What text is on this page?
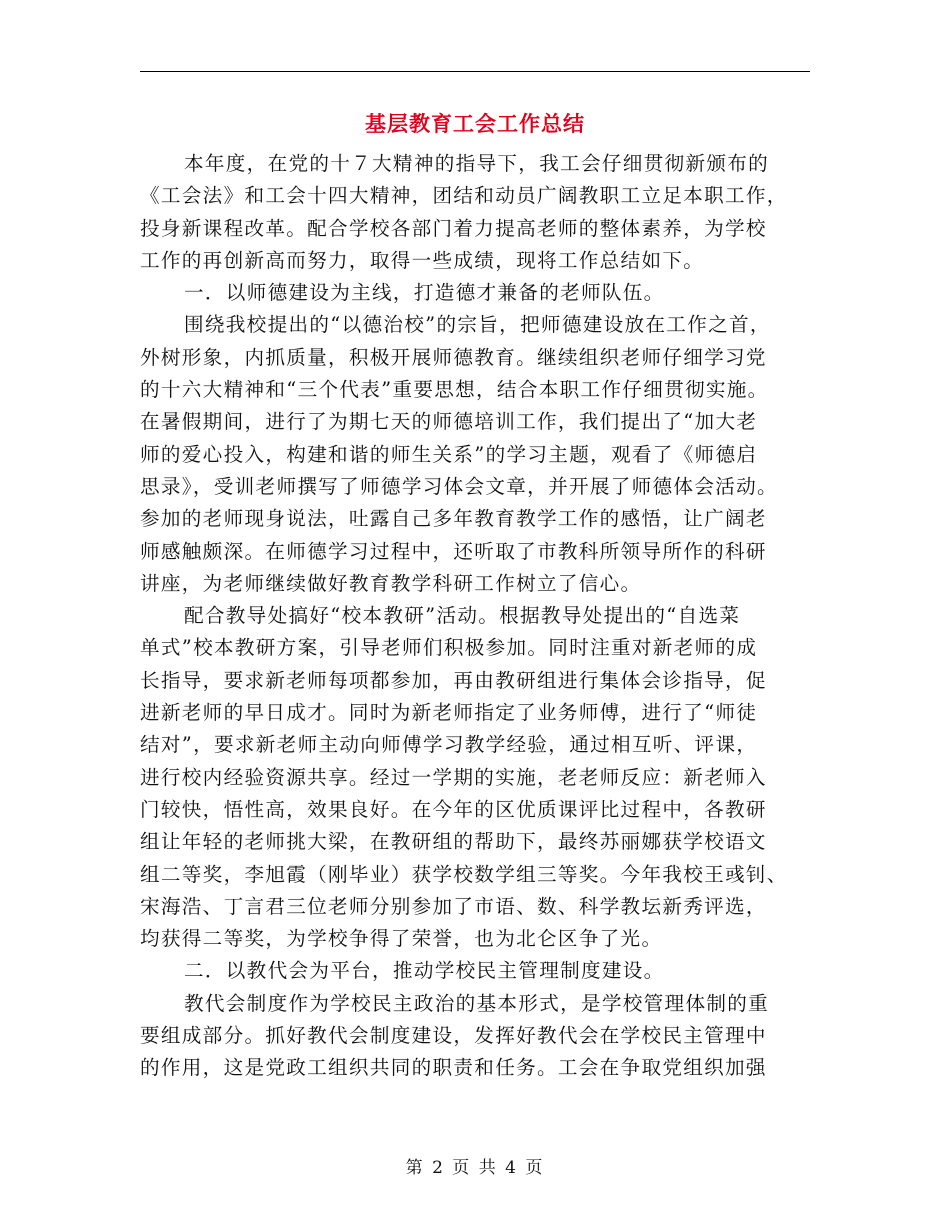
基层教育工会工作总结
本年度，在党的十７大精神的指导下，我工会仔细贯彻新颁布的
《工会法》和工会十四大精神，团结和动员广阔教职工立足本职工作，
投身新课程改革。配合学校各部门着力提高老师的整体素养，为学校
工作的再创新高而努力，取得一些成绩，现将工作总结如下。
一．以师德建设为主线，打造德才兼备的老师队伍。
围绕我校提出的“以德治校”的宗旨，把师德建设放在工作之首，
外树形象，内抓质量，积极开展师德教育。继续组织老师仔细学习党
的十六大精神和“三个代表”重要思想，结合本职工作仔细贯彻实施。
在暑假期间，进行了为期七天的师德培训工作，我们提出了“加大老
师的爱心投入，构建和谐的师生关系”的学习主题，观看了《师德启
思录》，受训老师撰写了师德学习体会文章，并开展了师德体会活动。
参加的老师现身说法，吐露自己多年教育教学工作的感悟，让广阔老
师感触颇深。在师德学习过程中，还听取了市教科所领导所作的科研
讲座，为老师继续做好教育教学科研工作树立了信心。
配合教导处搞好“校本教研”活动。根据教导处提出的“自选菜
单式”校本教研方案，引导老师们积极参加。同时注重对新老师的成
长指导，要求新老师每项都参加，再由教研组进行集体会诊指导，促
进新老师的早日成才。同时为新老师指定了业务师傅，进行了“师徒
结对”，要求新老师主动向师傅学习教学经验，通过相互听、评课，
进行校内经验资源共享。经过一学期的实施，老老师反应：新老师入
门较快，悟性高，效果良好。在今年的区优质课评比过程中，各教研
组让年轻的老师挑大梁，在教研组的帮助下，最终苏丽娜获学校语文
组二等奖，李旭霞（刚毕业）获学校数学组三等奖。今年我校王彧钊、
宋海浩、丁言君三位老师分别参加了市语、数、科学教坛新秀评选，
均获得二等奖，为学校争得了荣誉，也为北仑区争了光。
二．以教代会为平台，推动学校民主管理制度建设。
教代会制度作为学校民主政治的基本形式，是学校管理体制的重
要组成部分。抓好教代会制度建设，发挥好教代会在学校民主管理中
的作用，这是党政工组织共同的职责和任务。工会在争取党组织加强
第 2 页 共 4 页
